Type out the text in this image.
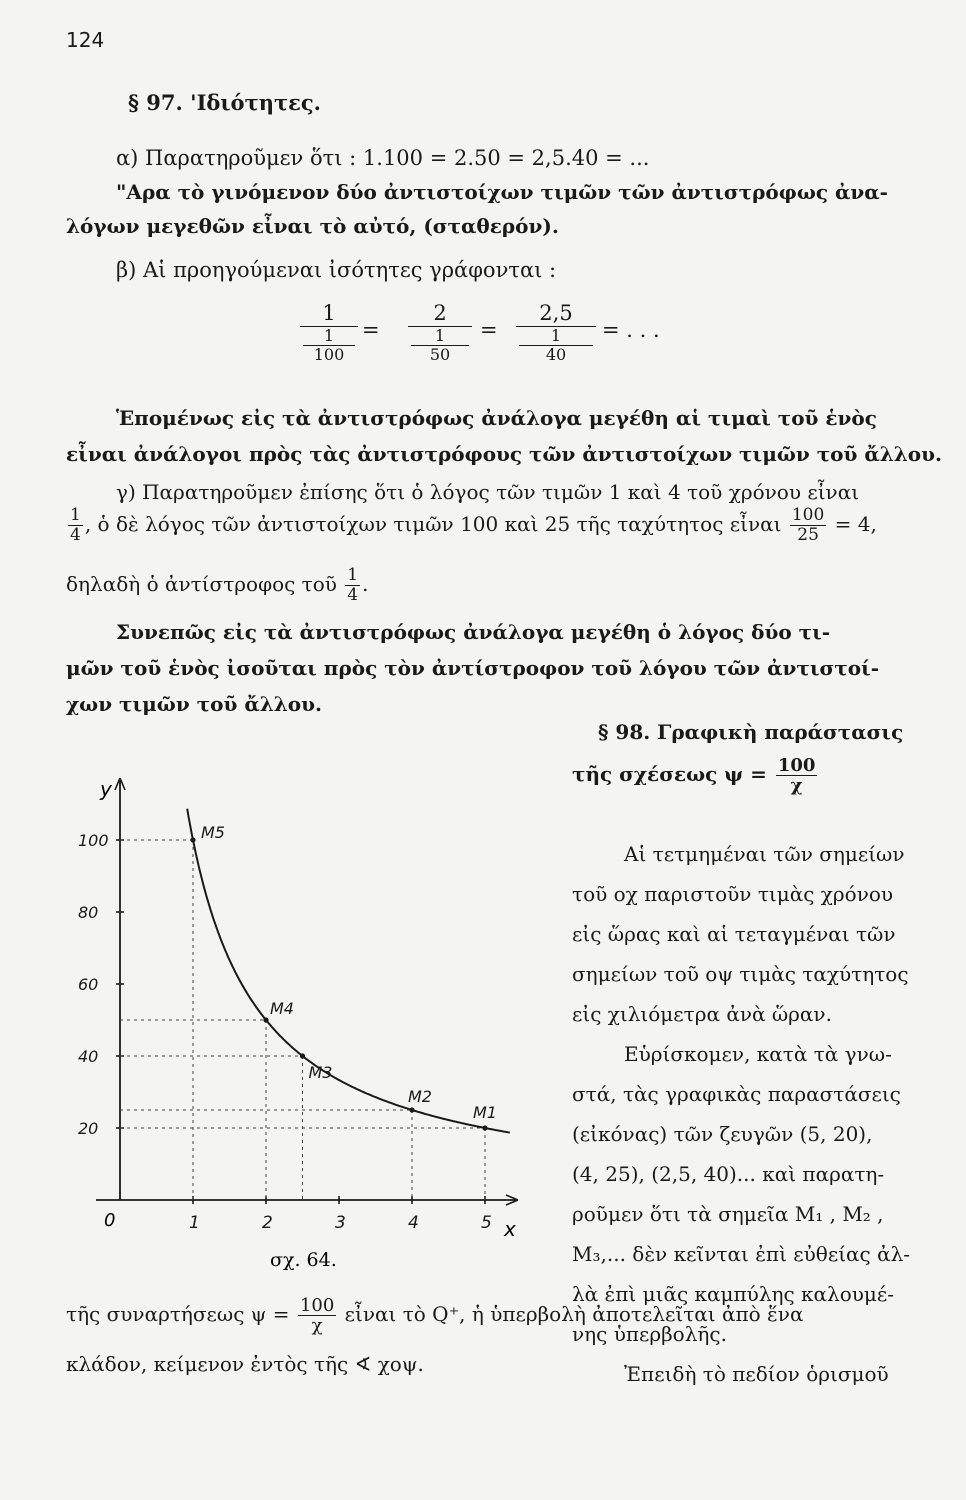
124
§ 97. 'Ιδιότητες.
α) Παρατηροῦμεν ὅτι : 1.100 = 2.50 = 2,5.40 = ...
"Αρα τὸ γινόμενον δύο ἀντιστοίχων τιμῶν τῶν ἀντιστρόφως ἀνα-
λόγων μεγεθῶν εἶναι τὸ αὐτό, (σταθερόν).
β) Αἱ προηγούμεναι ἰσότητες γράφονται :
1
1
100
=
2
1
50
=
2,5
1
40
= . . .
Ἑπομένως εἰς τὰ ἀντιστρόφως ἀνάλογα μεγέθη αἱ τιμαὶ τοῦ ἑνὸς
εἶναι ἀνάλογοι πρὸς τὰς ἀντιστρόφους τῶν ἀντιστοίχων τιμῶν τοῦ ἄλλου.
γ) Παρατηροῦμεν ἐπίσης ὅτι ὁ λόγος τῶν τιμῶν 1 καὶ 4 τοῦ χρόνου εἶναι
$\frac{1}{4}$ , ὁ δὲ λόγος τῶν ἀντιστοίχων τιμῶν 100 καὶ 25 τῆς ταχύτητος εἶναι $\frac{100}{25} = 4$,
δηλαδὴ ὁ ἀντίστροφος τοῦ $\frac{1}{4}$ .
Συνεπῶς εἰς τὰ ἀντιστρόφως ἀνάλογα μεγέθη ὁ λόγος δύο τι-
μῶν τοῦ ἑνὸς ἰσοῦται πρὸς τὸν ἀντίστροφον τοῦ λόγου τῶν ἀντιστοί-
χων τιμῶν τοῦ ἄλλου.
§ 98. Γραφικὴ παράστασις
τῆς σχέσεως $\psi = \frac{100}{\chi}$
Αἱ τετμημέναι τῶν σημείων
τοῦ οχ παριστοῦν τιμὰς χρόνου
εἰς ὥρας καὶ αἱ τεταγμέναι τῶν
σημείων τοῦ οψ τιμὰς ταχύτητος
εἰς χιλιόμετρα ἀνὰ ὥραν.
Εὑρίσκομεν, κατὰ τὰ γνω-
στά, τὰς γραφικὰς παραστάσεις
(εἰκόνας) τῶν ζευγῶν (5, 20),
(4, 25), (2,5, 40)... καὶ παρατη-
ροῦμεν ὅτι τὰ σημεῖα M₁ , M₂ ,
M₃,... δὲν κεῖνται ἐπὶ εὐθείας ἀλ-
λὰ ἐπὶ μιᾶς καμπύλης καλουμέ-
νης ὑπερβολῆς.
Ἐπειδὴ τὸ πεδίον ὁρισμοῦ
τῆς συναρτήσεως $\psi = \frac{100}{\chi}$ εἶναι τὸ Q⁺, ἡ ὑπερβολὴ ἀποτελεῖται ἀπὸ ἕνα
κλάδον, κείμενον ἐντὸς τῆς ∢ χοψ.
20
40
60
80
100
1	2	3	4	5
M5
M4
M3
M2
M1
y
x
0
σχ. 64.
